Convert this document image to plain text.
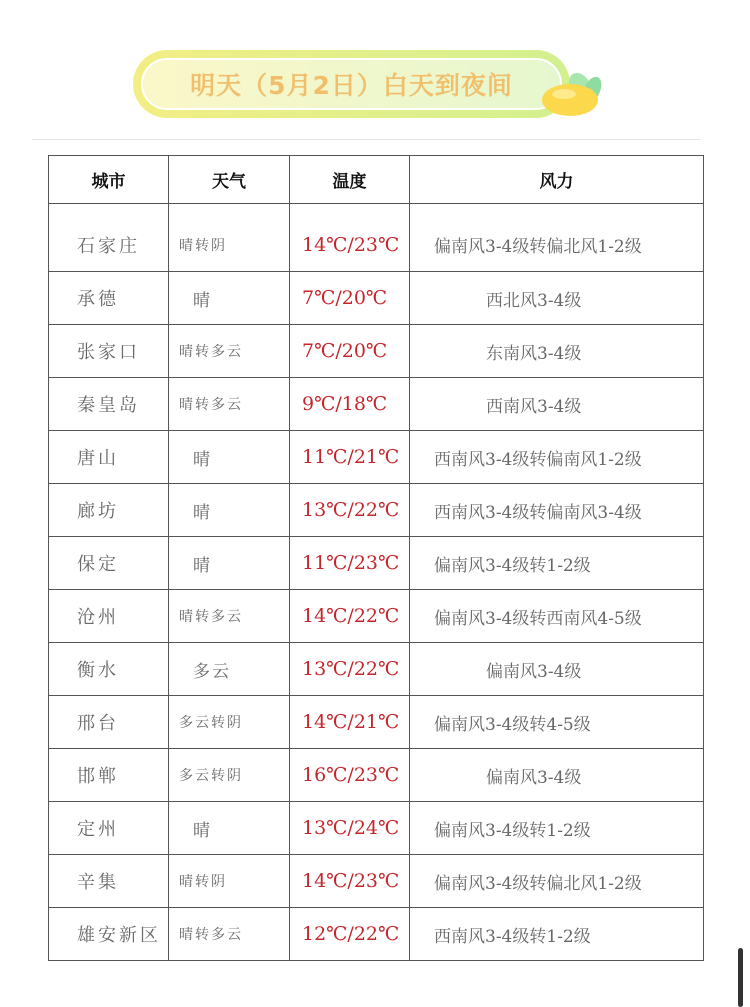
明天（5月2日）白天到夜间
城市	天气	温度	风力
石家庄	晴转阴	14℃/23℃	偏南风3-4级转偏北风1-2级
承德	晴	7℃/20℃	西北风3-4级
张家口	晴转多云	7℃/20℃	东南风3-4级
秦皇岛	晴转多云	9℃/18℃	西南风3-4级
唐山	晴	11℃/21℃	西南风3-4级转偏南风1-2级
廊坊	晴	13℃/22℃	西南风3-4级转偏南风3-4级
保定	晴	11℃/23℃	偏南风3-4级转1-2级
沧州	晴转多云	14℃/22℃	偏南风3-4级转西南风4-5级
衡水	多云	13℃/22℃	偏南风3-4级
邢台	多云转阴	14℃/21℃	偏南风3-4级转4-5级
邯郸	多云转阴	16℃/23℃	偏南风3-4级
定州	晴	13℃/24℃	偏南风3-4级转1-2级
辛集	晴转阴	14℃/23℃	偏南风3-4级转偏北风1-2级
雄安新区	晴转多云	12℃/22℃	西南风3-4级转1-2级
